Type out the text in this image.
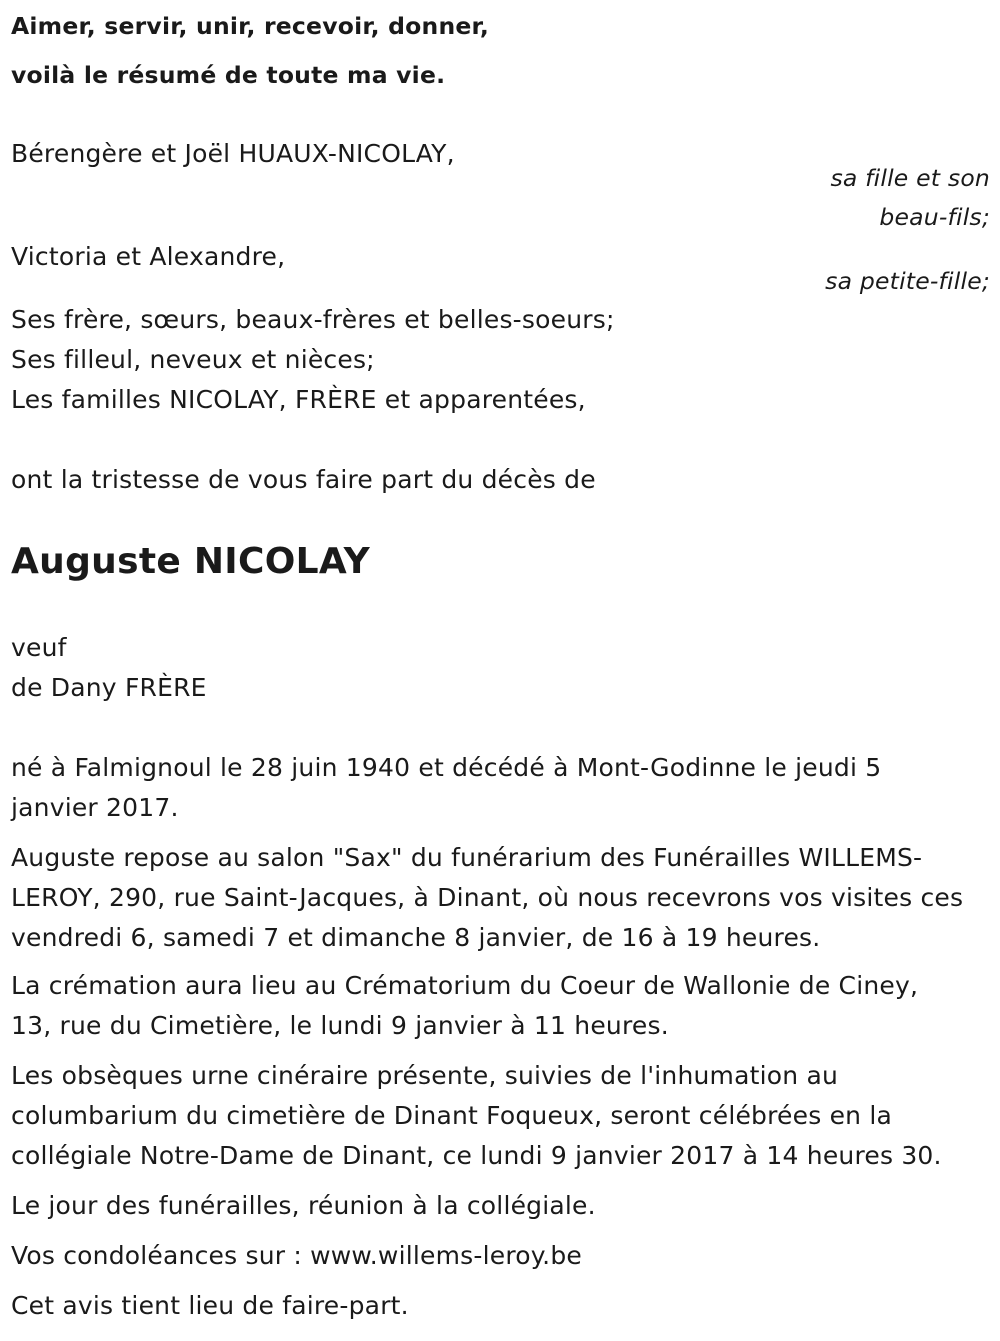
Aimer, servir, unir, recevoir, donner,
voilà le résumé de toute ma vie.
Bérengère et Joël HUAUX-NICOLAY,
sa fille et son
beau-fils;
Victoria et Alexandre,
sa petite-fille;
Ses frère, sœurs, beaux-frères et belles-soeurs;
Ses filleul, neveux et nièces;
Les familles NICOLAY, FRÈRE et apparentées,
ont la tristesse de vous faire part du décès de
Auguste NICOLAY
veuf
de Dany FRÈRE
né à Falmignoul le 28 juin 1940 et décédé à Mont-Godinne le jeudi 5
janvier 2017.
Auguste repose au salon "Sax" du funérarium des Funérailles WILLEMS-
LEROY, 290, rue Saint-Jacques, à Dinant, où nous recevrons vos visites ces
vendredi 6, samedi 7 et dimanche 8 janvier, de 16 à 19 heures.
La crémation aura lieu au Crématorium du Coeur de Wallonie de Ciney,
13, rue du Cimetière, le lundi 9 janvier à 11 heures.
Les obsèques urne cinéraire présente, suivies de l'inhumation au
columbarium du cimetière de Dinant Foqueux, seront célébrées en la
collégiale Notre-Dame de Dinant, ce lundi 9 janvier 2017 à 14 heures 30.
Le jour des funérailles, réunion à la collégiale.
Vos condoléances sur : www.willems-leroy.be
Cet avis tient lieu de faire-part.
